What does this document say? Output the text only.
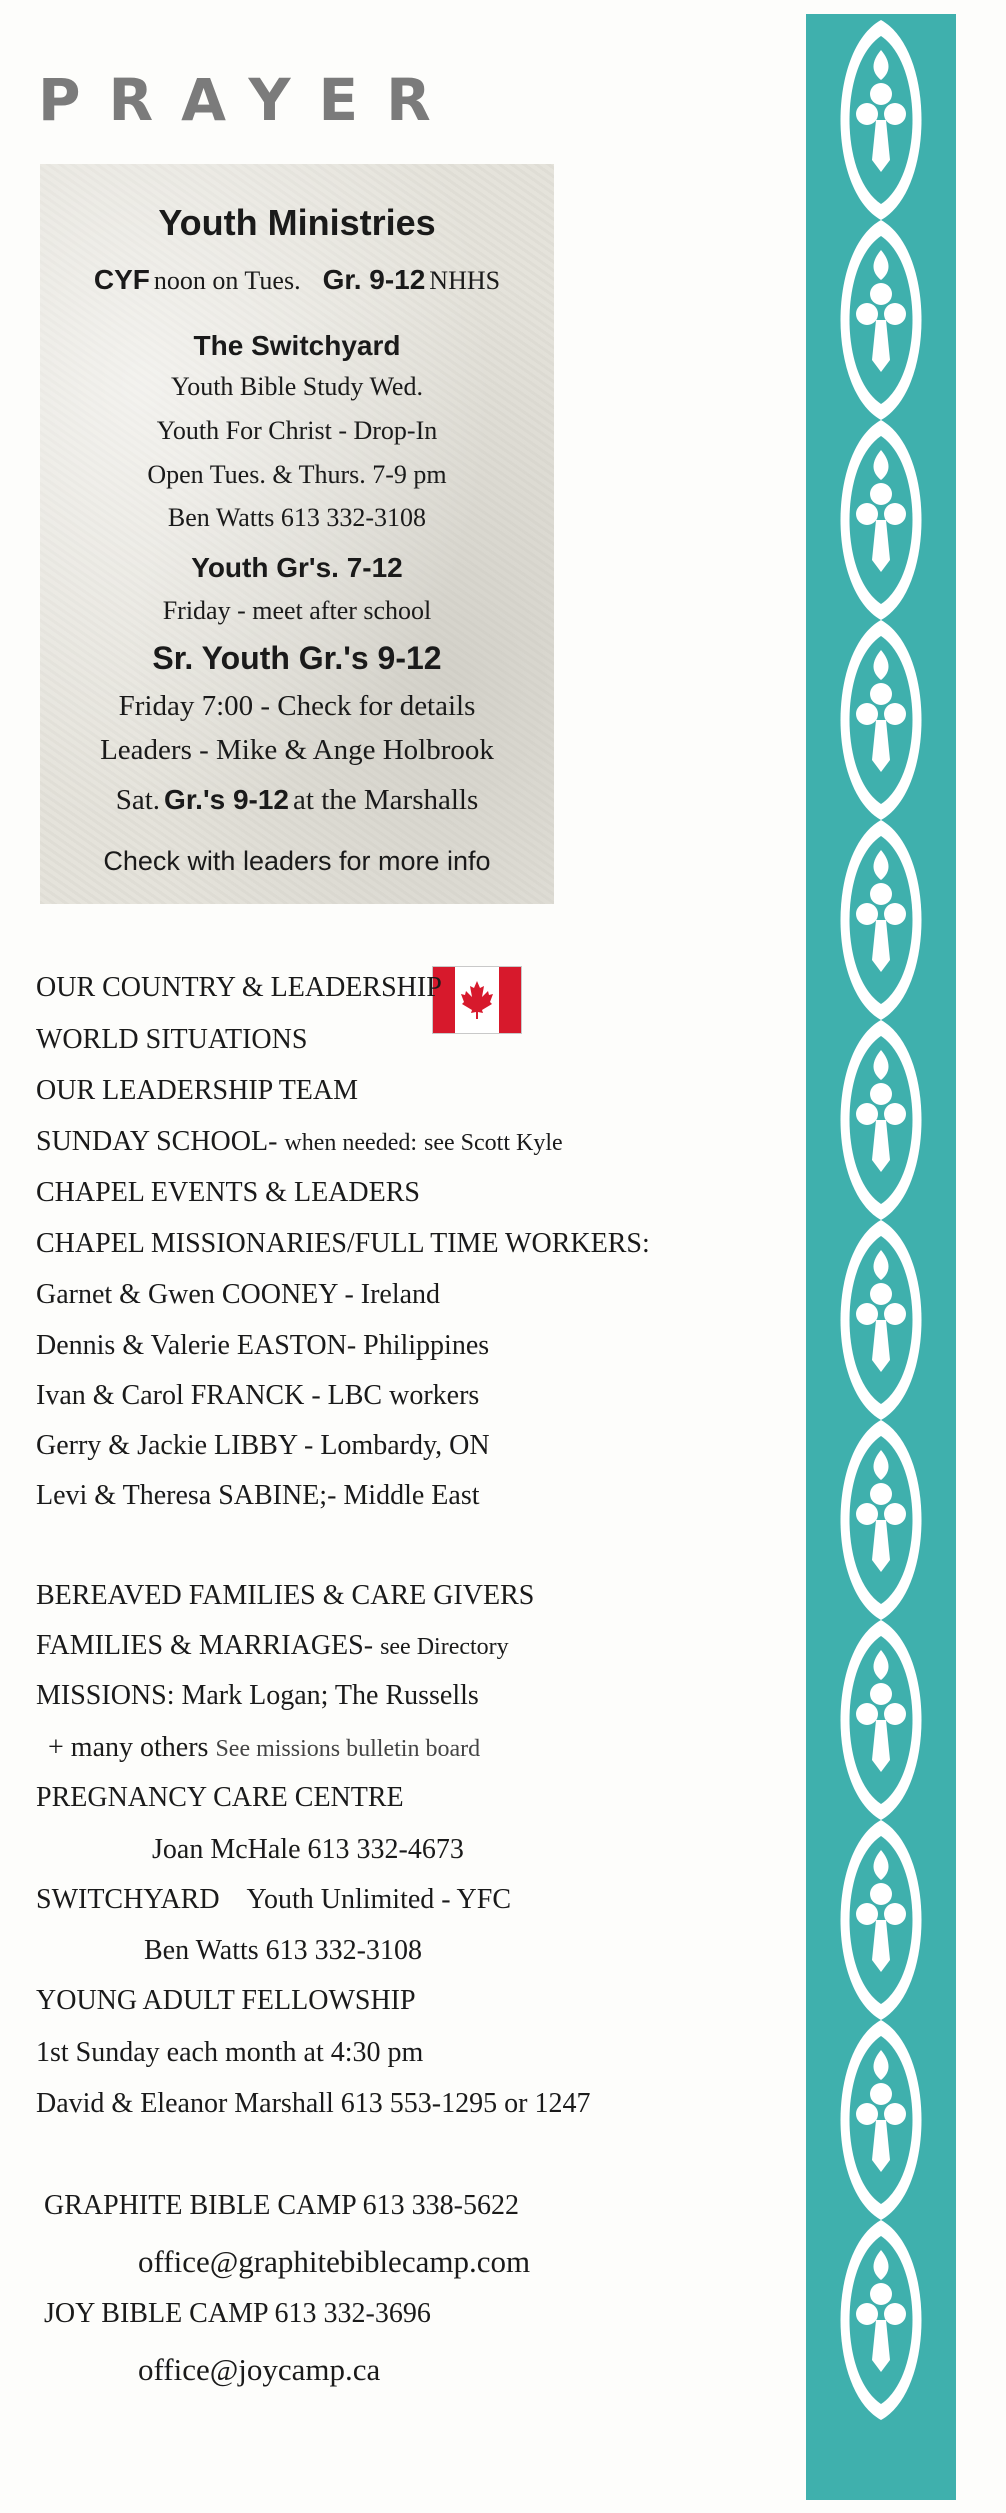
PRAYER
Youth Ministries
CYF noon on Tues. Gr. 9-12 NHHS
The Switchyard
Youth Bible Study Wed.
Youth For Christ - Drop-In
Open Tues. & Thurs. 7-9 pm
Ben Watts 613 332-3108
Youth Gr's. 7-12
Friday - meet after school
Sr. Youth Gr.'s 9-12
Friday 7:00 - Check for details
Leaders - Mike & Ange Holbrook
Sat. Gr.'s 9-12 at the Marshalls
Check with leaders for more info
OUR COUNTRY & LEADERSHIP
WORLD SITUATIONS
OUR LEADERSHIP TEAM
SUNDAY SCHOOL- when needed: see Scott Kyle
CHAPEL EVENTS & LEADERS
CHAPEL MISSIONARIES/FULL TIME WORKERS:
Garnet & Gwen COONEY - Ireland
Dennis & Valerie EASTON- Philippines
Ivan & Carol FRANCK - LBC workers
Gerry & Jackie LIBBY - Lombardy, ON
Levi & Theresa SABINE;- Middle East
BEREAVED FAMILIES & CARE GIVERS
FAMILIES & MARRIAGES- see Directory
MISSIONS: Mark Logan; The Russells
+ many others See missions bulletin board
PREGNANCY CARE CENTRE
Joan McHale 613 332-4673
SWITCHYARD Youth Unlimited - YFC
Ben Watts 613 332-3108
YOUNG ADULT FELLOWSHIP
1st Sunday each month at 4:30 pm
David & Eleanor Marshall 613 553-1295 or 1247
GRAPHITE BIBLE CAMP 613 338-5622
office@graphitebiblecamp.com
JOY BIBLE CAMP 613 332-3696
office@joycamp.ca
